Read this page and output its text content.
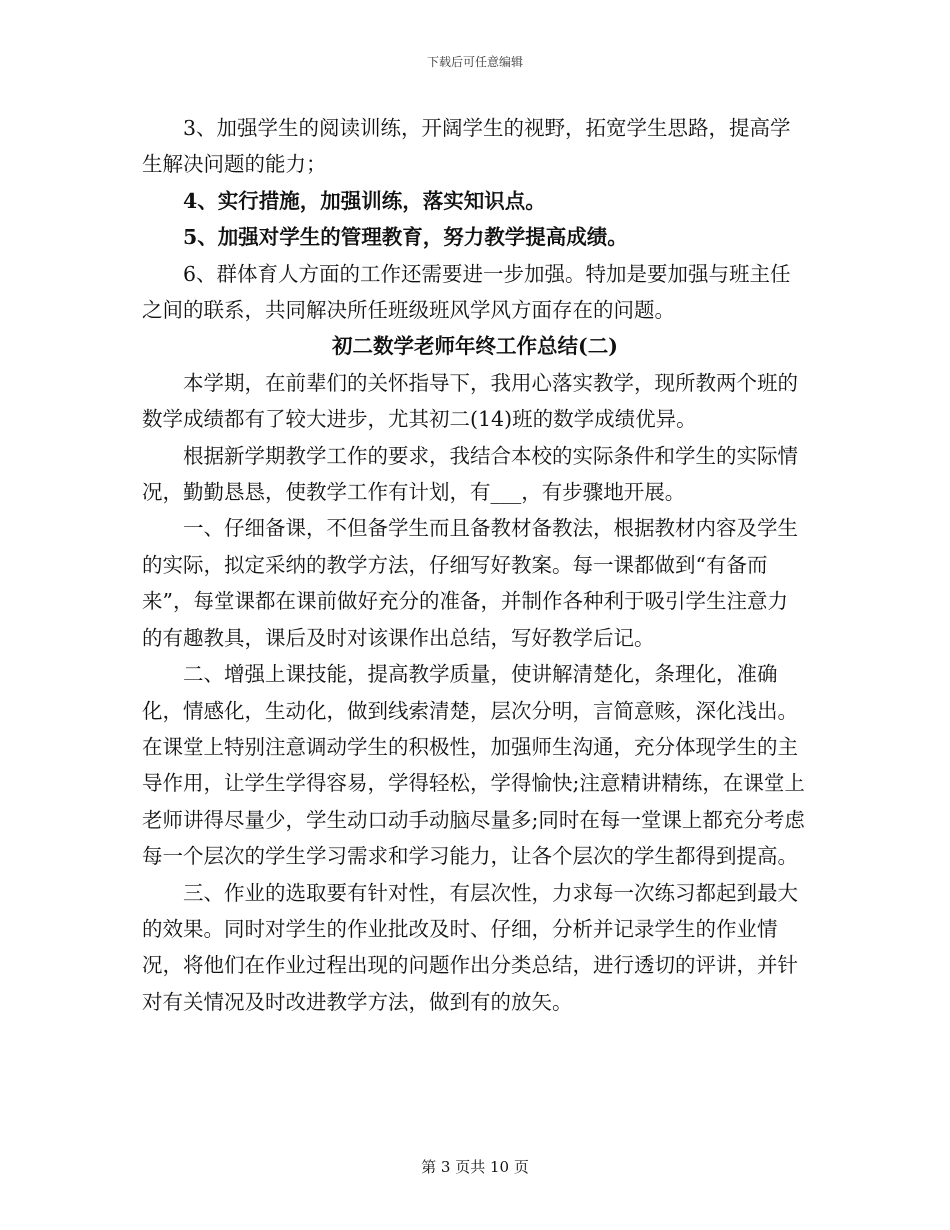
下载后可任意编辑

3、加强学生的阅读训练，开阔学生的视野，拓宽学生思路，提高学生解决问题的能力；

4、实行措施，加强训练，落实知识点。

5、加强对学生的管理教育，努力教学提高成绩。

6、群体育人方面的工作还需要进一步加强。特加是要加强与班主任之间的联系，共同解决所任班级班风学风方面存在的问题。

初二数学老师年终工作总结(二)

本学期，在前辈们的关怀指导下，我用心落实教学，现所教两个班的数学成绩都有了较大进步，尤其初二(14)班的数学成绩优异。

根据新学期教学工作的要求，我结合本校的实际条件和学生的实际情况，勤勤恳恳，使教学工作有计划，有___，有步骤地开展。

一、仔细备课，不但备学生而且备教材备教法，根据教材内容及学生的实际，拟定采纳的教学方法，仔细写好教案。每一课都做到“有备而来”，每堂课都在课前做好充分的准备，并制作各种利于吸引学生注意力的有趣教具，课后及时对该课作出总结，写好教学后记。

二、增强上课技能，提高教学质量，使讲解清楚化，条理化，准确化，情感化，生动化，做到线索清楚，层次分明，言简意赅，深化浅出。在课堂上特别注意调动学生的积极性，加强师生沟通，充分体现学生的主导作用，让学生学得容易，学得轻松，学得愉快;注意精讲精练，在课堂上老师讲得尽量少，学生动口动手动脑尽量多;同时在每一堂课上都充分考虑每一个层次的学生学习需求和学习能力，让各个层次的学生都得到提高。

三、作业的选取要有针对性，有层次性，力求每一次练习都起到最大的效果。同时对学生的作业批改及时、仔细，分析并记录学生的作业情况，将他们在作业过程出现的问题作出分类总结，进行透切的评讲，并针对有关情况及时改进教学方法，做到有的放矢。

第 3 页共 10 页
